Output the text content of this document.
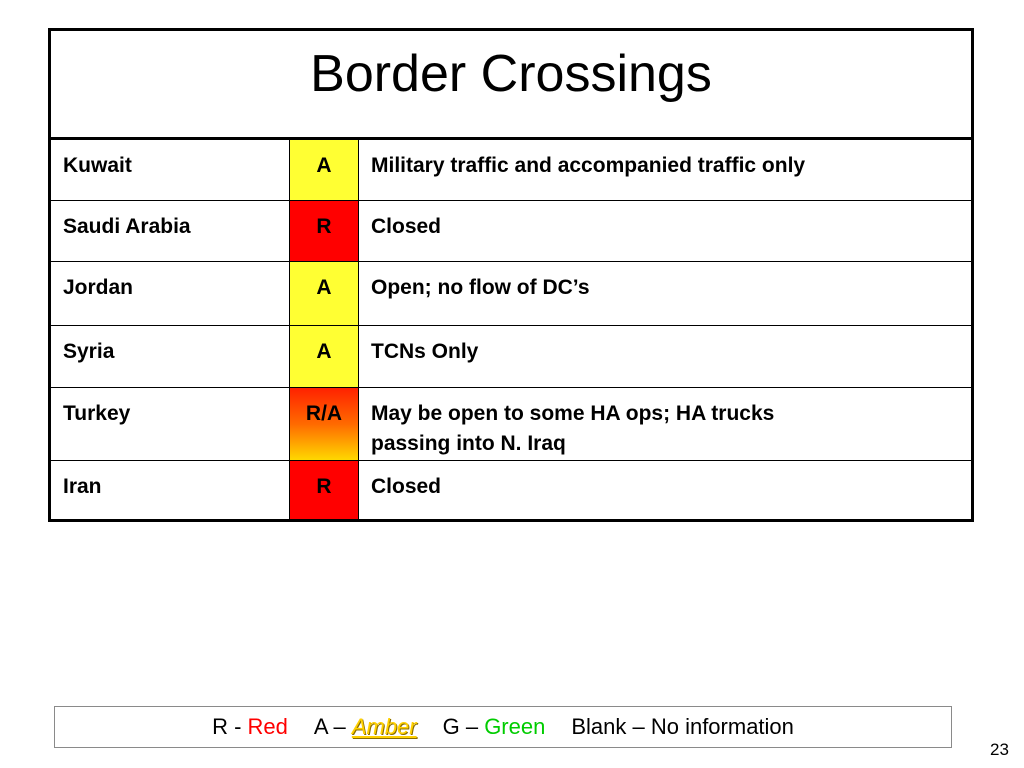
Border Crossings
Kuwait	A	Military traffic and accompanied traffic only
Saudi Arabia	R	Closed
Jordan	A	Open; no flow of DC’s
Syria	A	TCNs Only
Turkey	R/A	May be open to some HA ops; HA trucks
passing into N. Iraq
Iran	R	Closed
R - Red A – Amber G – Green Blank – No information
23
